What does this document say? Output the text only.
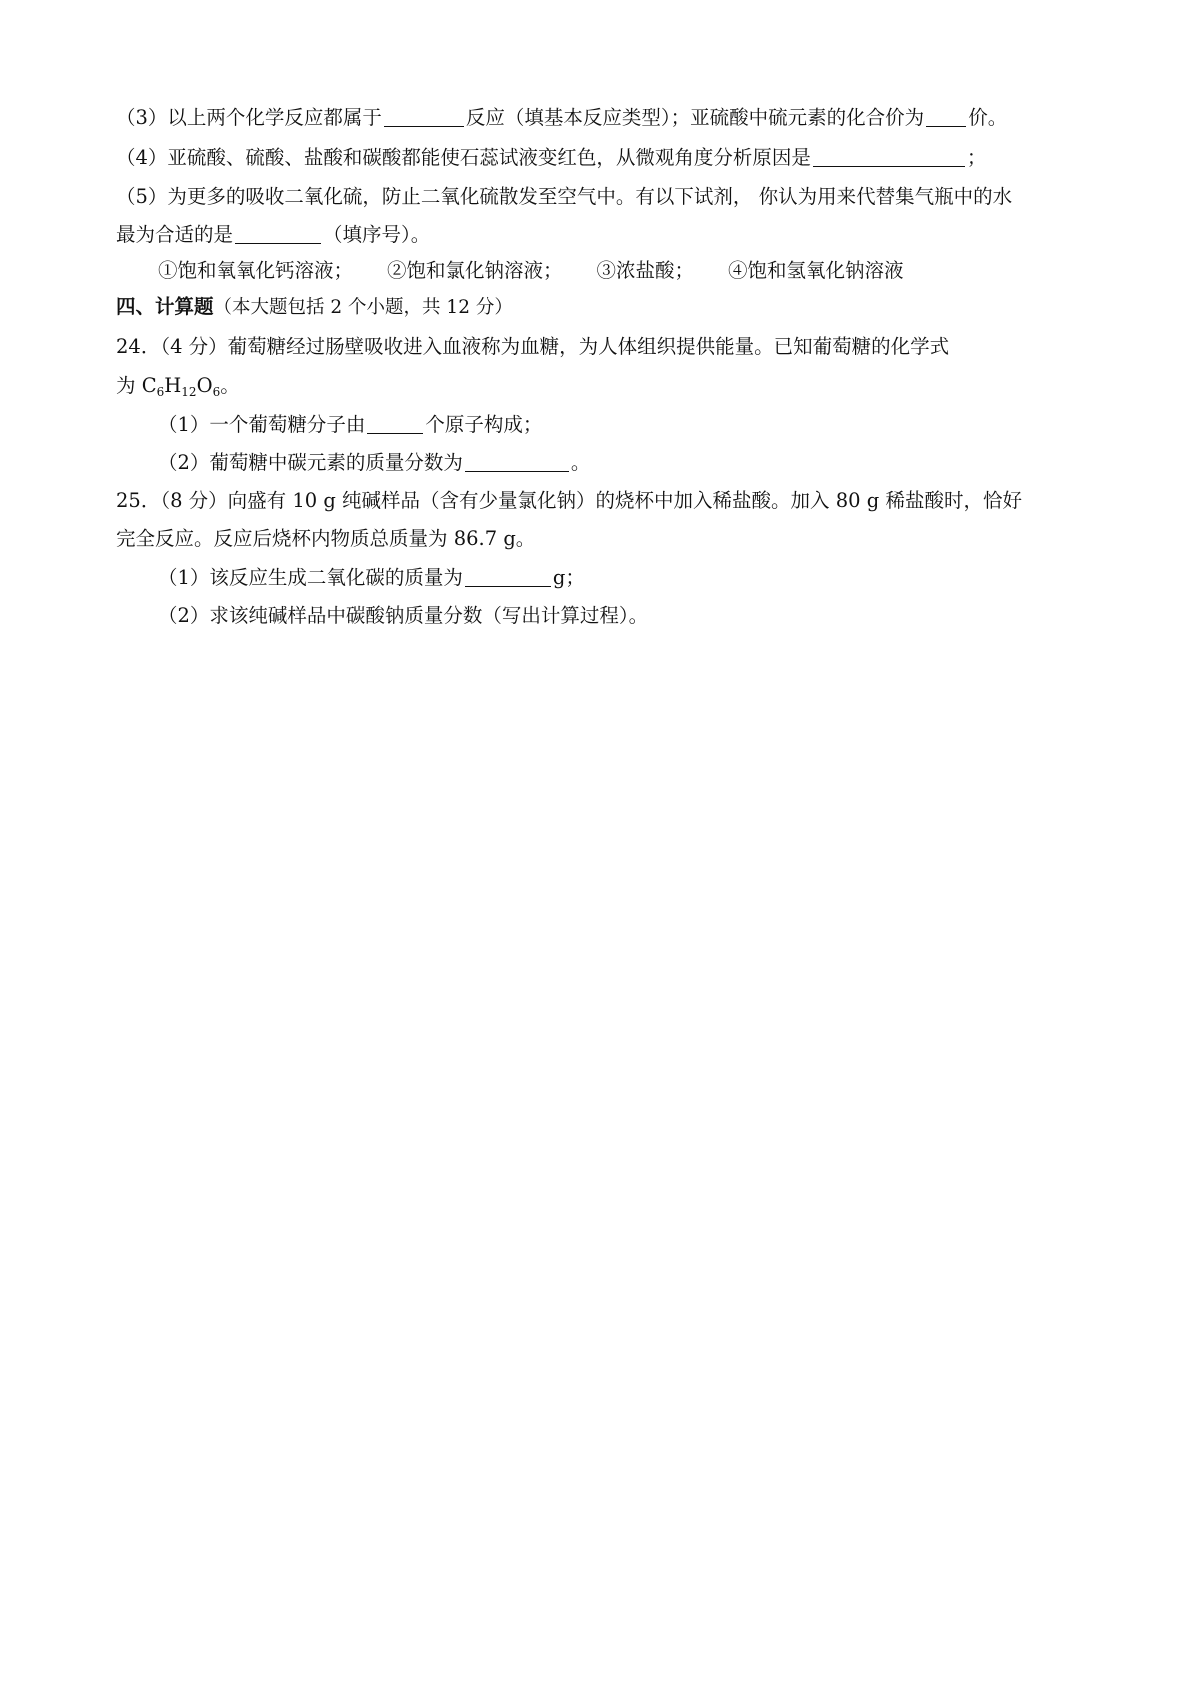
（3）以上两个化学反应都属于	反应（填基本反应类型）；亚硫酸中硫元素的化合价为 价。
（4）亚硫酸、硫酸、盐酸和碳酸都能使石蕊试液变红色，从微观角度分析原因是	；
（5）为更多的吸收二氧化硫，防止二氧化硫散发至空气中。有以下试剂， 你认为用来代替集气瓶中的水
最为合适的是	（填序号）。
①饱和氧氧化钙溶液； ②饱和氯化钠溶液； ③浓盐酸； ④饱和氢氧化钠溶液
四、计算题（本大题包括 2 个小题，共 12 分）
24．（4 分）葡萄糖经过肠壁吸收进入血液称为血糖，为人体组织提供能量。已知葡萄糖的化学式
为 $C_6H_{12}O_6$。
（1）一个葡萄糖分子由	个原子构成；
（2）葡萄糖中碳元素的质量分数为	。
25．（8 分）向盛有 10 g 纯碱样品（含有少量氯化钠）的烧杯中加入稀盐酸。加入 80 g 稀盐酸时，恰好
完全反应。反应后烧杯内物质总质量为 86.7 g。
（1）该反应生成二氧化碳的质量为	g；
（2）求该纯碱样品中碳酸钠质量分数（写出计算过程）。
